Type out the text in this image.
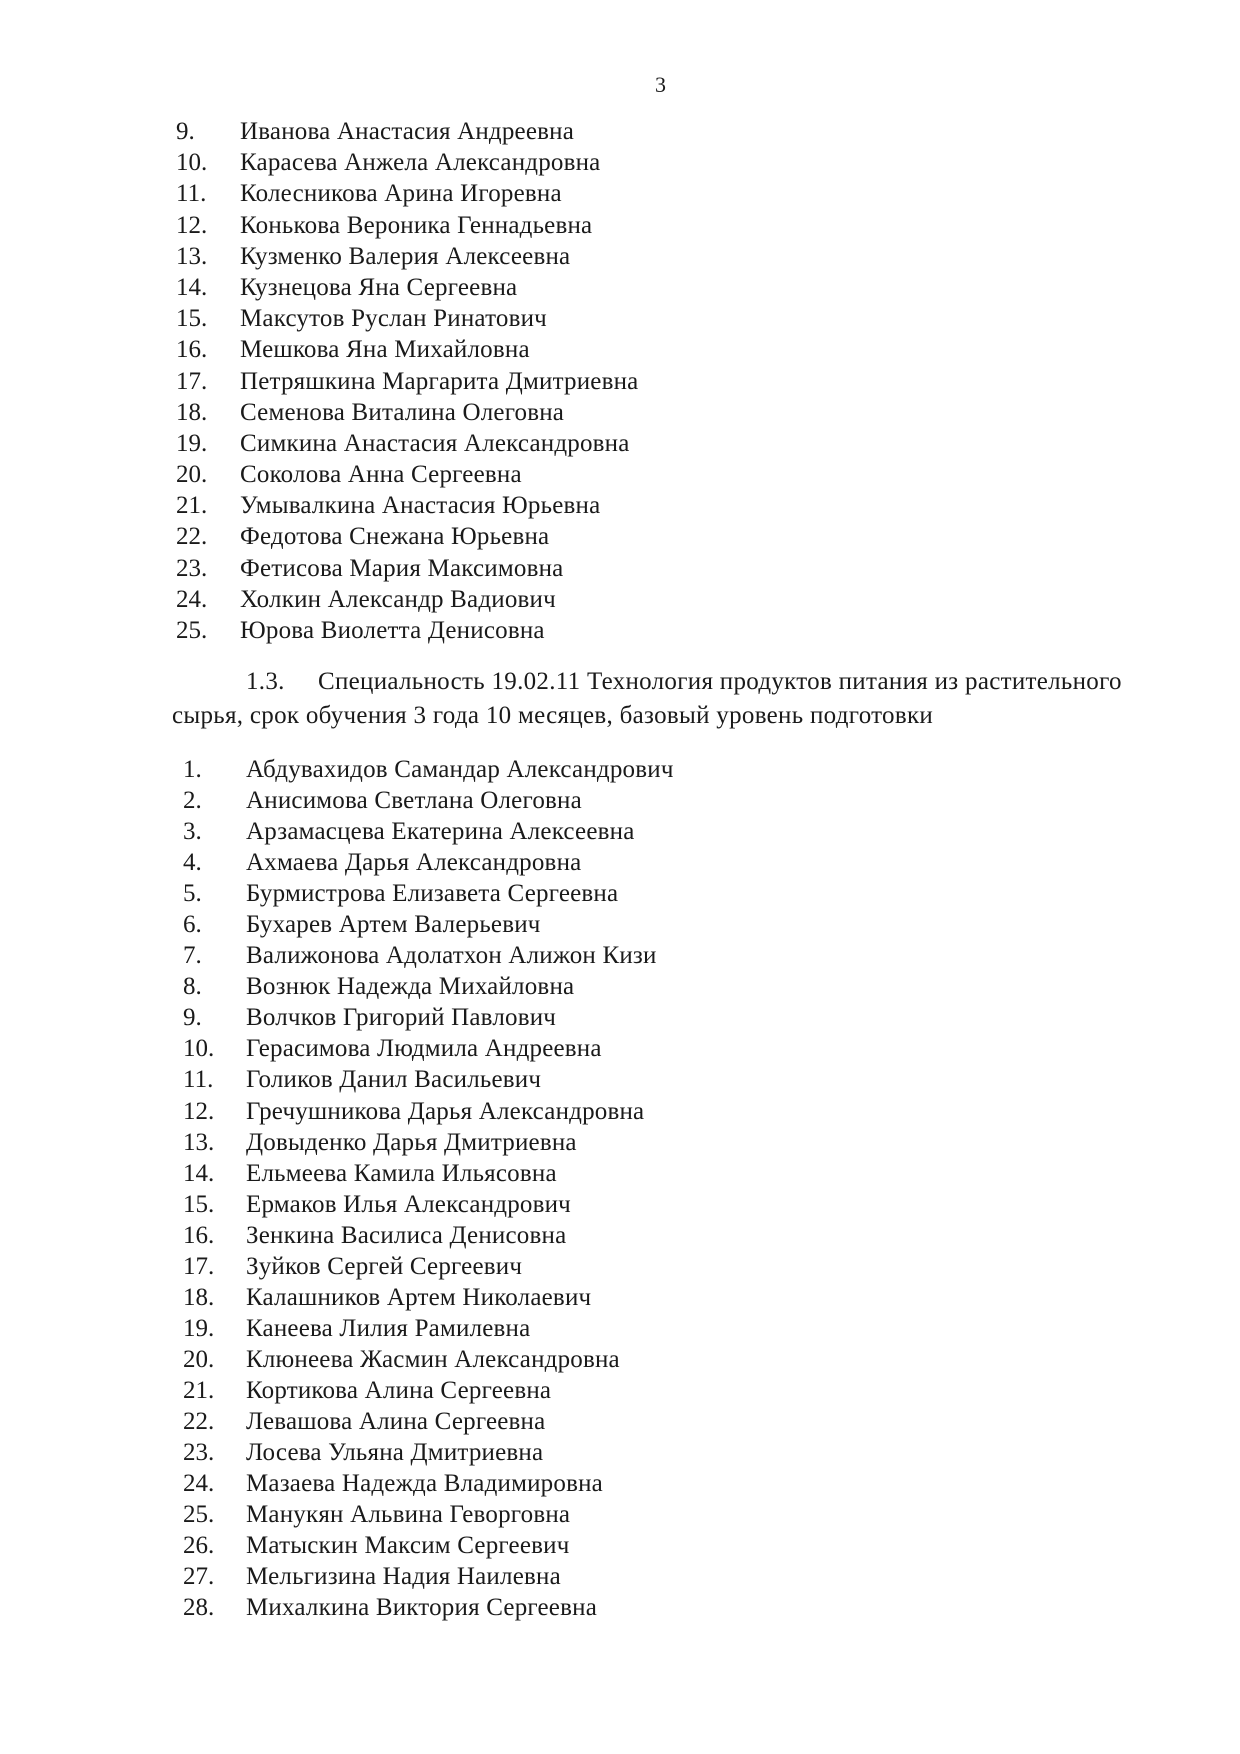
3
9. Иванова Анастасия Андреевна
10. Карасева Анжела Александровна
11. Колесникова Арина Игоревна
12. Конькова Вероника Геннадьевна
13. Кузменко Валерия Алексеевна
14. Кузнецова Яна Сергеевна
15. Максутов Руслан Ринатович
16. Мешкова Яна Михайловна
17. Петряшкина Маргарита Дмитриевна
18. Семенова Виталина Олеговна
19. Симкина Анастасия Александровна
20. Соколова Анна Сергеевна
21. Умывалкина Анастасия Юрьевна
22. Федотова Снежана Юрьевна
23. Фетисова Мария Максимовна
24. Холкин Александр Вадиович
25. Юрова Виолетта Денисовна
1.3. Специальность 19.02.11 Технология продуктов питания из растительного
сырья, срок обучения 3 года 10 месяцев, базовый уровень подготовки
1. Абдувахидов Самандар Александрович
2. Анисимова Светлана Олеговна
3. Арзамасцева Екатерина Алексеевна
4. Ахмаева Дарья Александровна
5. Бурмистрова Елизавета Сергеевна
6. Бухарев Артем Валерьевич
7. Валижонова Адолатхон Алижон Кизи
8. Вознюк Надежда Михайловна
9. Волчков Григорий Павлович
10. Герасимова Людмила Андреевна
11. Голиков Данил Васильевич
12. Гречушникова Дарья Александровна
13. Довыденко Дарья Дмитриевна
14. Ельмеева Камила Ильясовна
15. Ермаков Илья Александрович
16. Зенкина Василиса Денисовна
17. Зуйков Сергей Сергеевич
18. Калашников Артем Николаевич
19. Канеева Лилия Рамилевна
20. Клюнеева Жасмин Александровна
21. Кортикова Алина Сергеевна
22. Левашова Алина Сергеевна
23. Лосева Ульяна Дмитриевна
24. Мазаева Надежда Владимировна
25. Манукян Альвина Геворговна
26. Матыскин Максим Сергеевич
27. Мельгизина Надия Наилевна
28. Михалкина Виктория Сергеевна
